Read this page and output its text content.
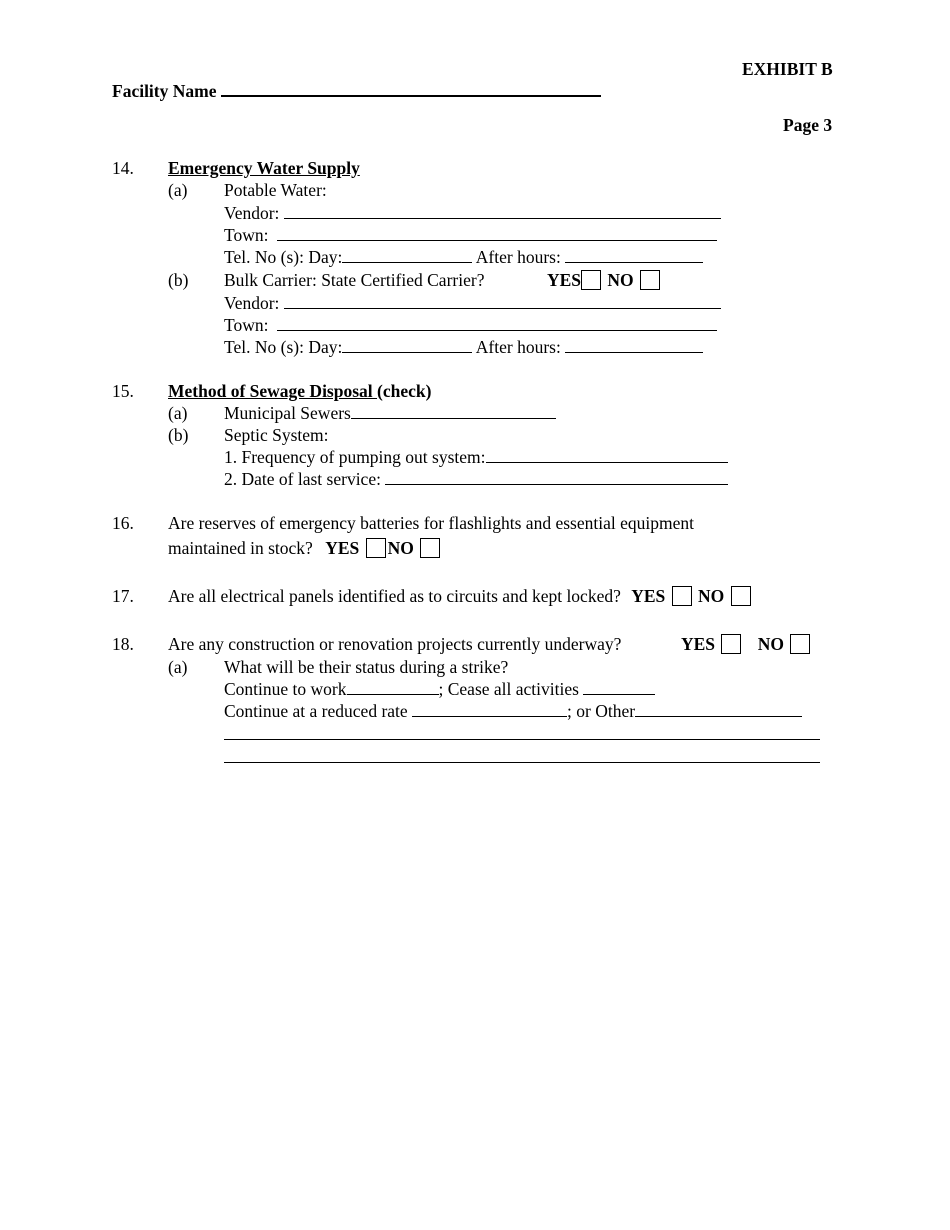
EXHIBIT B
Facility Name
Page 3
14. Emergency Water Supply
(a) Potable Water:
Vendor:
Town:
Tel. No (s): Day:	After hours:
(b) Bulk Carrier: State Certified Carrier?	YES NO
Vendor:
Town:
Tel. No (s): Day:	After hours:
15. Method of Sewage Disposal (check)
(a) Municipal Sewers
(b) Septic System:
1. Frequency of pumping out system:
2. Date of last service:
16. Are reserves of emergency batteries for flashlights and essential equipment
maintained in stock? YES NO
17. Are all electrical panels identified as to circuits and kept locked? YES NO
18. Are any construction or renovation projects currently underway?	YES NO
(a) What will be their status during a strike?
Continue to work	; Cease all activities
Continue at a reduced rate	; or Other
